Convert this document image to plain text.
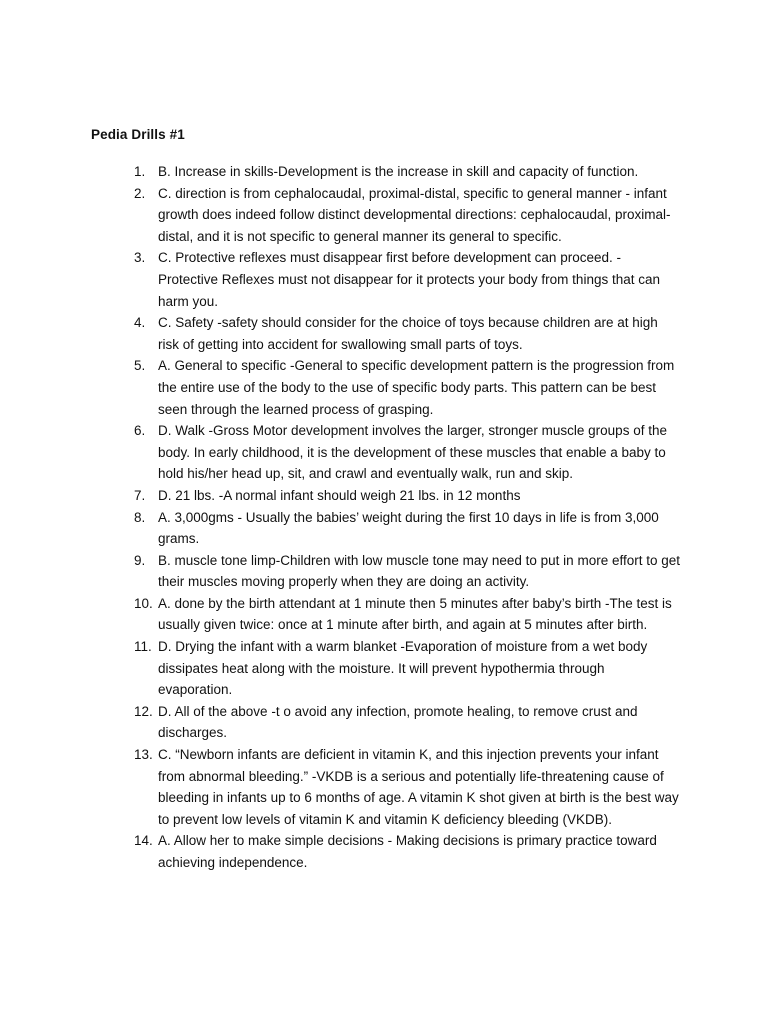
Pedia Drills #1
1. B. Increase in skills-Development is the increase in skill and capacity of function.
2. C. direction is from cephalocaudal, proximal-distal, specific to general manner - infant growth does indeed follow distinct developmental directions: cephalocaudal, proximal-distal, and it is not specific to general manner its general to specific.
3. C. Protective reflexes must disappear first before development can proceed. -Protective Reflexes must not disappear for it protects your body from things that can harm you.
4. C. Safety -safety should consider for the choice of toys because children are at high risk of getting into accident for swallowing small parts of toys.
5. A. General to specific -General to specific development pattern is the progression from the entire use of the body to the use of specific body parts. This pattern can be best seen through the learned process of grasping.
6. D. Walk -Gross Motor development involves the larger, stronger muscle groups of the body. In early childhood, it is the development of these muscles that enable a baby to hold his/her head up, sit, and crawl and eventually walk, run and skip.
7. D. 21 lbs. -A normal infant should weigh 21 lbs. in 12 months
8. A. 3,000gms - Usually the babies’ weight during the first 10 days in life is from 3,000 grams.
9. B. muscle tone limp-Children with low muscle tone may need to put in more effort to get their muscles moving properly when they are doing an activity.
10. A. done by the birth attendant at 1 minute then 5 minutes after baby’s birth -The test is usually given twice: once at 1 minute after birth, and again at 5 minutes after birth.
11. D. Drying the infant with a warm blanket -Evaporation of moisture from a wet body dissipates heat along with the moisture. It will prevent hypothermia through evaporation.
12. D. All of the above -t o avoid any infection, promote healing, to remove crust and discharges.
13. C. “Newborn infants are deficient in vitamin K, and this injection prevents your infant from abnormal bleeding.” -VKDB is a serious and potentially life-threatening cause of bleeding in infants up to 6 months of age. A vitamin K shot given at birth is the best way to prevent low levels of vitamin K and vitamin K deficiency bleeding (VKDB).
14. A. Allow her to make simple decisions - Making decisions is primary practice toward achieving independence.
